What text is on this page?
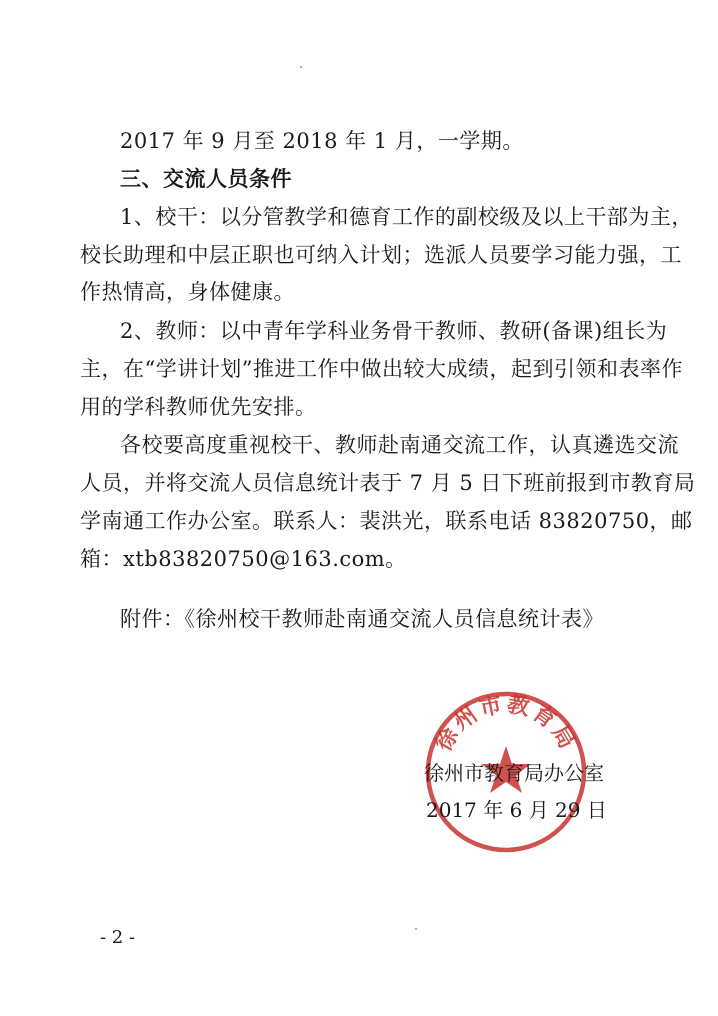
2017 年 9 月至 2018 年 1 月，一学期。
三、交流人员条件
1、校干：以分管教学和德育工作的副校级及以上干部为主，
校长助理和中层正职也可纳入计划；选派人员要学习能力强，工
作热情高，身体健康。
2、教师：以中青年学科业务骨干教师、教研(备课)组长为
主，在“学讲计划”推进工作中做出较大成绩，起到引领和表率作
用的学科教师优先安排。
各校要高度重视校干、教师赴南通交流工作，认真遴选交流
人员，并将交流人员信息统计表于 7 月 5 日下班前报到市教育局
学南通工作办公室。联系人：裴洪光，联系电话 83820750，邮
箱：xtb83820750@163.com。
附件：《徐州校干教师赴南通交流人员信息统计表》
徐州市教育局
徐州市教育局办公室
2017 年 6 月 29 日
- 2 -
